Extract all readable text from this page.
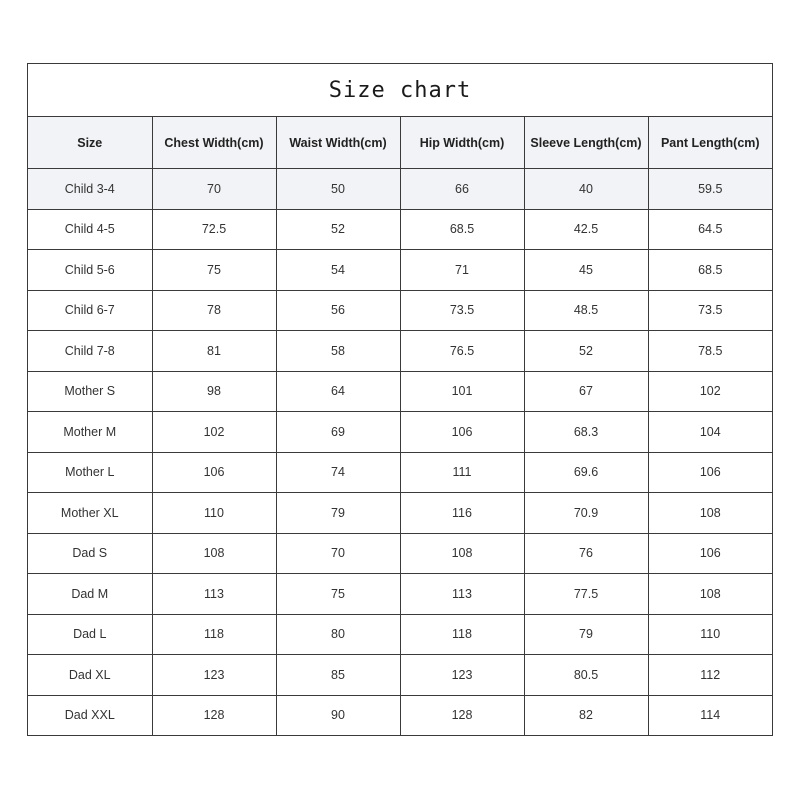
Size chart
Size	Chest Width(cm)	Waist Width(cm)	Hip Width(cm)	Sleeve Length(cm)	Pant Length(cm)
Child 3-4	70	50	66	40	59.5
Child 4-5	72.5	52	68.5	42.5	64.5
Child 5-6	75	54	71	45	68.5
Child 6-7	78	56	73.5	48.5	73.5
Child 7-8	81	58	76.5	52	78.5
Mother S	98	64	101	67	102
Mother M	102	69	106	68.3	104
Mother L	106	74	111	69.6	106
Mother XL	110	79	116	70.9	108
Dad S	108	70	108	76	106
Dad M	113	75	113	77.5	108
Dad L	118	80	118	79	110
Dad XL	123	85	123	80.5	112
Dad XXL	128	90	128	82	114
